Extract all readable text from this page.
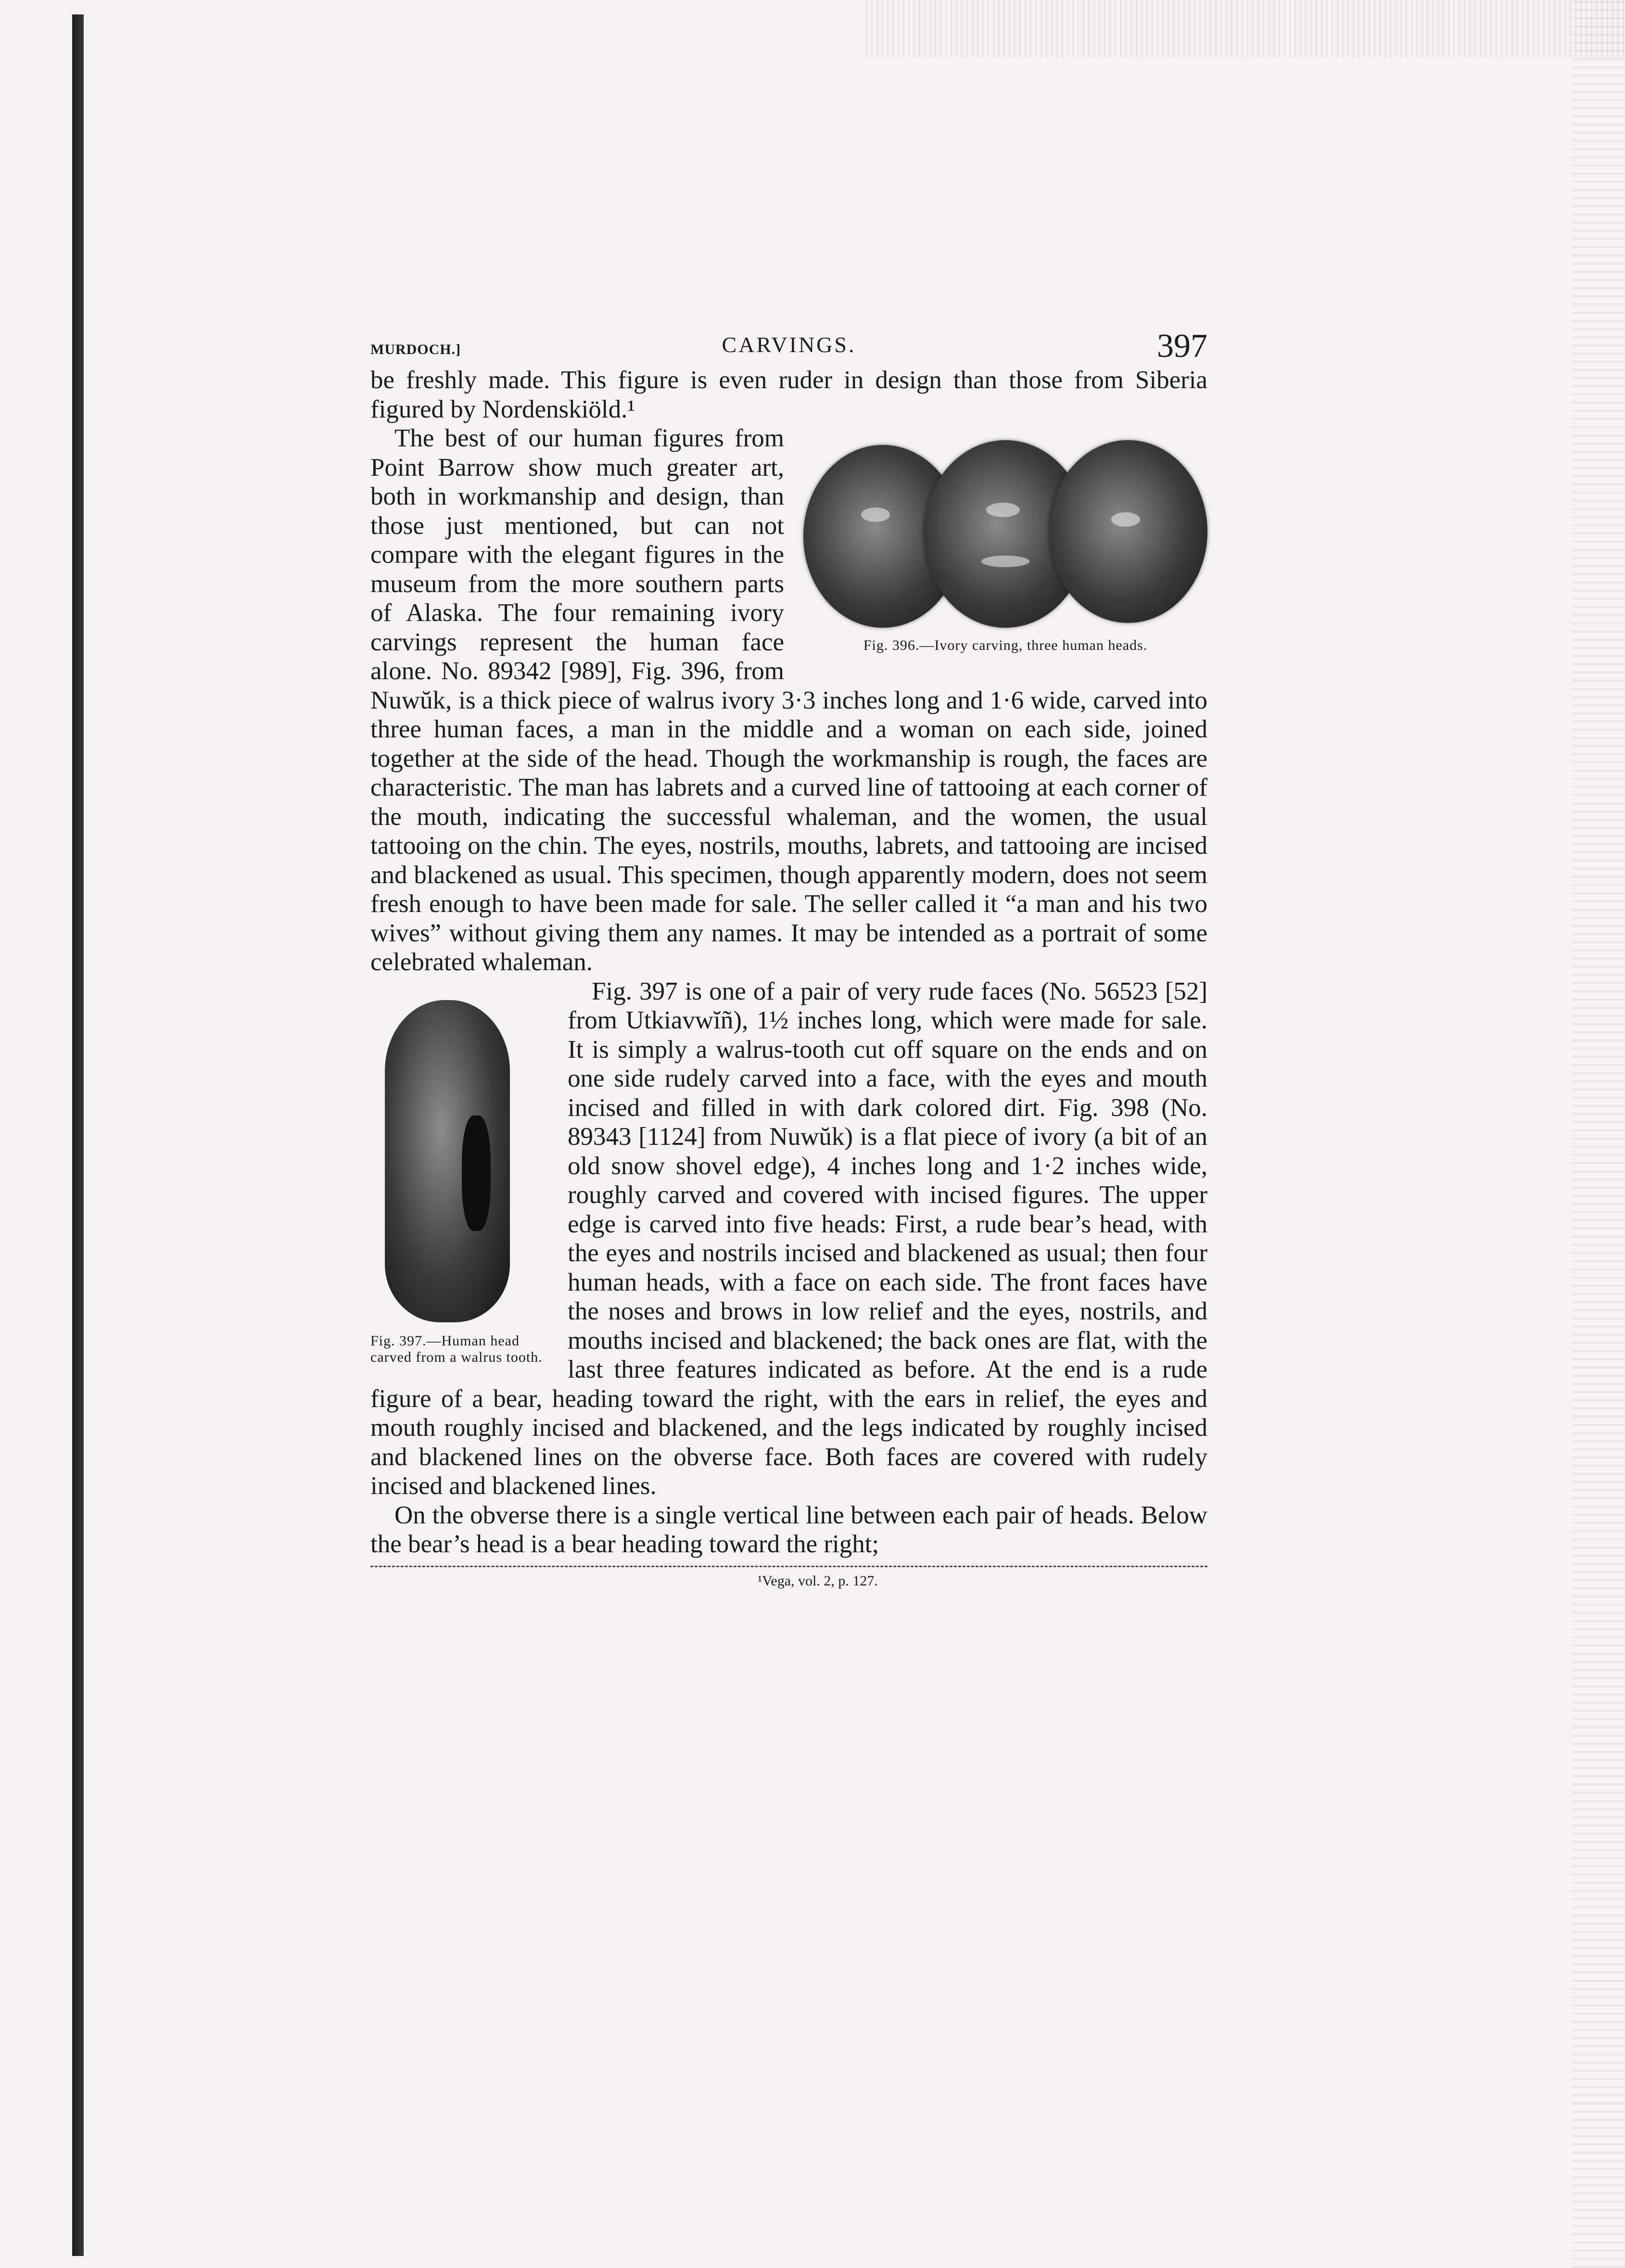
MURDOCH.]	CARVINGS.	397

be freshly made. This figure is even ruder in design than those from Siberia figured by Nordenskiöld.¹

Fig. 396.—Ivory carving, three human heads.

The best of our human figures from Point Barrow show much greater art, both in workmanship and design, than those just mentioned, but can not compare with the elegant figures in the museum from the more southern parts of Alaska. The four remaining ivory carvings represent the human face alone. No. 89342 [989], Fig. 396, from Nuwŭk, is a thick piece of walrus ivory 3·3 inches long and 1·6 wide, carved into three human faces, a man in the middle and a woman on each side, joined together at the side of the head. Though the workmanship is rough, the faces are characteristic. The man has labrets and a curved line of tattooing at each corner of the mouth, indicating the successful whaleman, and the women, the usual tattooing on the chin. The eyes, nostrils, mouths, labrets, and tattooing are incised and blackened as usual. This specimen, though apparently modern, does not seem fresh enough to have been made for sale. The seller called it “a man and his two wives” without giving them any names. It may be intended as a portrait of some celebrated whaleman.

Fig. 397.—Human head carved from a walrus tooth.

Fig. 397 is one of a pair of very rude faces (No. 56523 [52] from Utkiavwĭñ), 1½ inches long, which were made for sale. It is simply a walrus-tooth cut off square on the ends and on one side rudely carved into a face, with the eyes and mouth incised and filled in with dark colored dirt. Fig. 398 (No. 89343 [1124] from Nuwŭk) is a flat piece of ivory (a bit of an old snow shovel edge), 4 inches long and 1·2 inches wide, roughly carved and covered with incised figures. The upper edge is carved into five heads: First, a rude bear’s head, with the eyes and nostrils incised and blackened as usual; then four human heads, with a face on each side. The front faces have the noses and brows in low relief and the eyes, nostrils, and mouths incised and blackened; the back ones are flat, with the last three features indicated as before. At the end is a rude figure of a bear, heading toward the right, with the ears in relief, the eyes and mouth roughly incised and blackened, and the legs indicated by roughly incised and blackened lines on the obverse face. Both faces are covered with rudely incised and blackened lines.

On the obverse there is a single vertical line between each pair of heads. Below the bear’s head is a bear heading toward the right;

¹Vega, vol. 2, p. 127.
